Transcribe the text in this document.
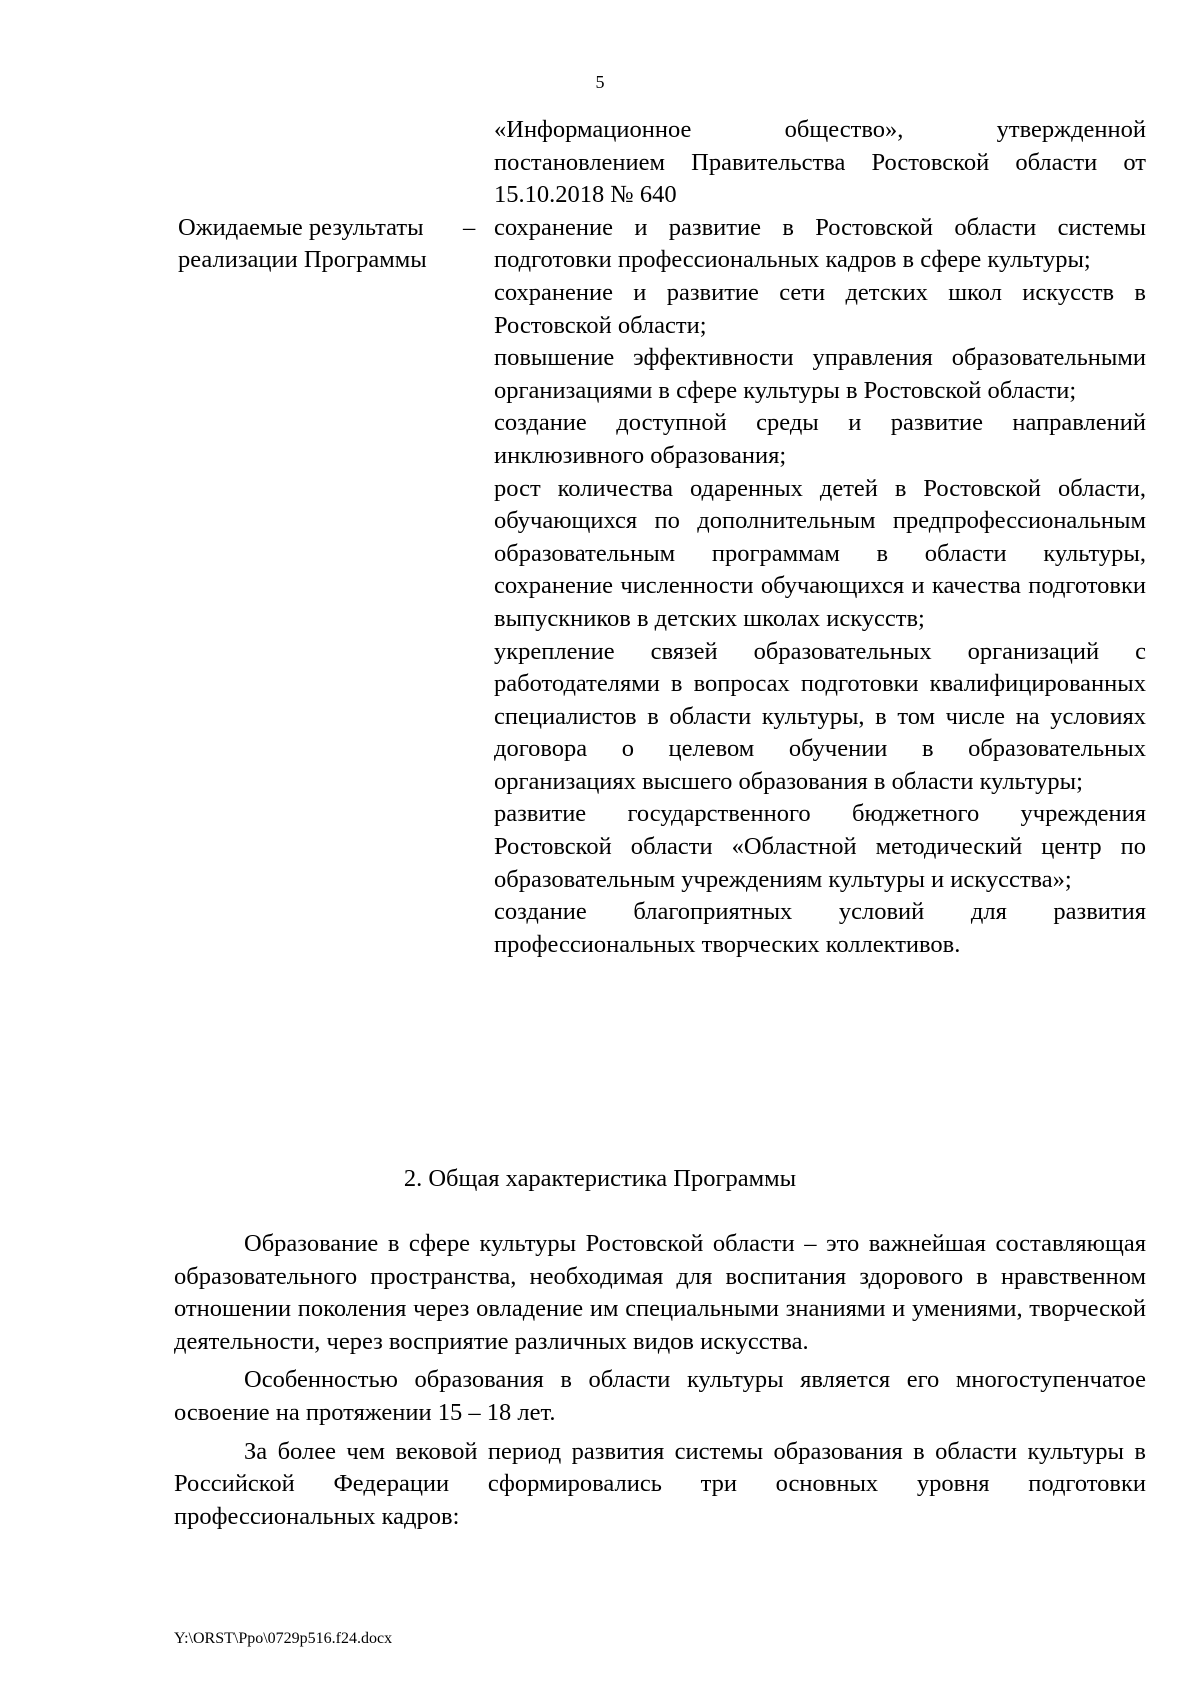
5
«Информационное общество», утвержденной постановлением Правительства Ростовской области от 15.10.2018 № 640
Ожидаемые результаты реализации Программы
– сохранение и развитие в Ростовской области системы подготовки профессиональных кадров в сфере культуры;
сохранение и развитие сети детских школ искусств в Ростовской области;
повышение эффективности управления образовательными организациями в сфере культуры в Ростовской области;
создание доступной среды и развитие направлений инклюзивного образования;
рост количества одаренных детей в Ростовской области, обучающихся по дополнительным предпрофессиональным образовательным программам в области культуры, сохранение численности обучающихся и качества подготовки выпускников в детских школах искусств;
укрепление связей образовательных организаций с работодателями в вопросах подготовки квалифицированных специалистов в области культуры, в том числе на условиях договора о целевом обучении в образовательных организациях высшего образования в области культуры;
развитие государственного бюджетного учреждения Ростовской области «Областной методический центр по образовательным учреждениям культуры и искусства»;
создание благоприятных условий для развития профессиональных творческих коллективов.
2. Общая характеристика Программы

Образование в сфере культуры Ростовской области – это важнейшая составляющая образовательного пространства, необходимая для воспитания здорового в нравственном отношении поколения через овладение им специальными знаниями и умениями, творческой деятельности, через восприятие различных видов искусства.

Особенностью образования в области культуры является его многоступенчатое освоение на протяжении 15 – 18 лет.

За более чем вековой период развития системы образования в области культуры в Российской Федерации сформировались три основных уровня подготовки профессиональных кадров:

Y:\ORST\Ppo\0729p516.f24.docx
